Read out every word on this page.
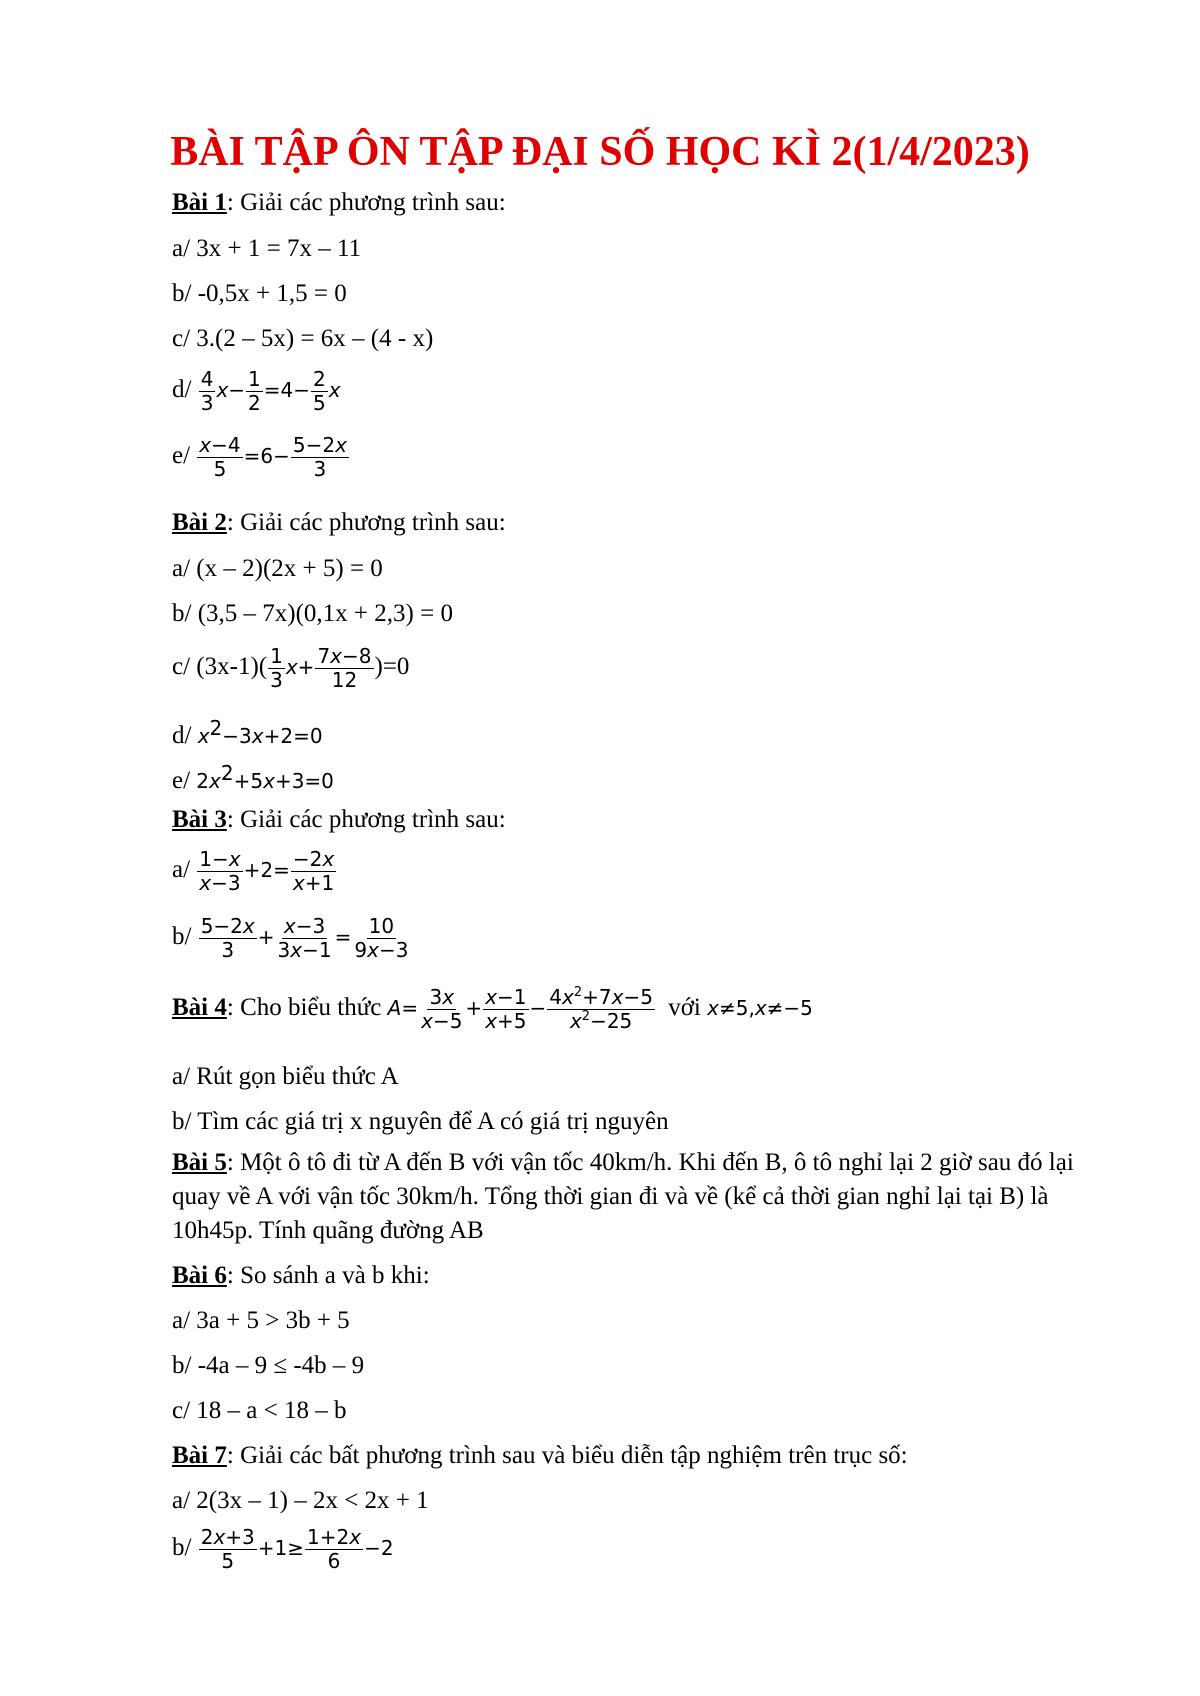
BÀI TẬP ÔN TẬP ĐẠI SỐ HỌC KÌ 2(1/4/2023)
Bài 1: Giải các phương trình sau:
a/ 3x + 1 = 7x – 11
b/ -0,5x + 1,5 = 0
c/ 3.(2 – 5x) = 6x – (4 - x)
$d/ \frac{4}{3} x- \frac{1}{2} =4- \frac{2}{5}$ x
$e/ \frac{x-4}{5} =6- \frac{5-2x}{3}$
Bài 2: Giải các phương trình sau:
a/ (x – 2)(2x + 5) = 0
b/ (3,5 – 7x)(0,1x + 2,3) = 0
c/ $(3x-1)( \frac{1}{3} x+ \frac{7x-8}{12} )=0$
d/ $x^2-3x+2=0$
e/ $2x^2+5x+3=0$
Bài 3: Giải các phương trình sau:
$a/ \frac{1-x}{x-3} +2= \frac{-2x}{x+1}$
$b/ \frac{5-2x}{3} + \frac{x-3}{3x-1} = \frac{10}{9x-3}$
Bài 4: Cho biểu thức $A= \frac{3x}{x-5} + \frac{x-1}{x+5} - \frac{4x^2+7x-5}{x^2-25}$ với x≠5,x≠−5
a/ Rút gọn biểu thức A
b/ Tìm các giá trị x nguyên để A có giá trị nguyên
Bài 5: Một ô tô đi từ A đến B với vận tốc 40km/h. Khi đến B, ô tô nghỉ lại 2 giờ sau đó lại quay về A với vận tốc 30km/h. Tổng thời gian đi và về (kể cả thời gian nghỉ lại tại B) là 10h45p. Tính quãng đường AB
Bài 6: So sánh a và b khi:
a/ 3a + 5 > 3b + 5
b/ -4a – 9 ≤ -4b – 9
c/ 18 – a < 18 – b
Bài 7: Giải các bất phương trình sau và biểu diễn tập nghiệm trên trục số:
a/ 2(3x – 1) – 2x < 2x + 1
$b/ \frac{2x+3}{5} +1\ge \frac{1+2x}{6} -2$
